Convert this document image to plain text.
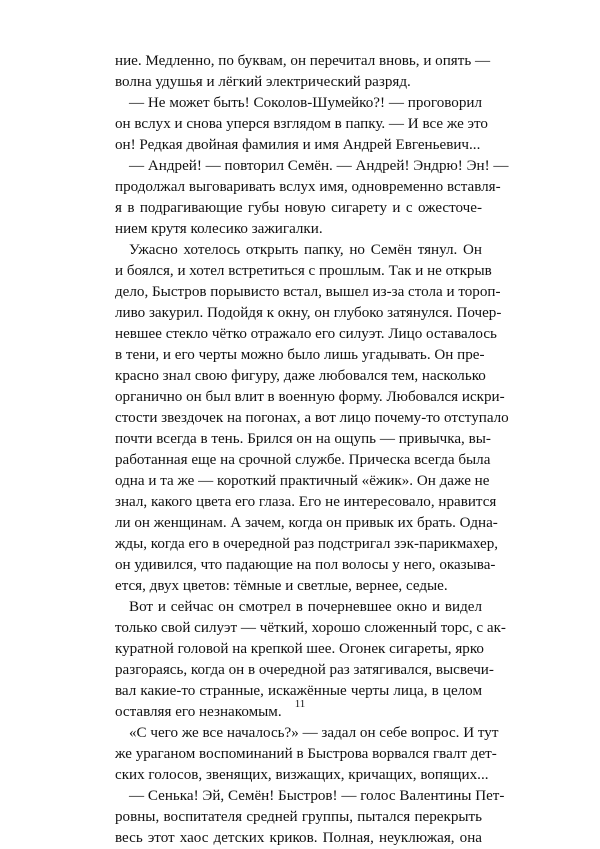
ние. Медленно, по буквам, он перечитал вновь, и опять —
волна удушья и лёгкий электрический разряд.
— Не может быть! Соколов-Шумейко?! — проговорил
он вслух и снова уперся взглядом в папку. — И все же это
он! Редкая двойная фамилия и имя Андрей Евгеньевич...
— Андрей! — повторил Семён. — Андрей! Эндрю! Эн! —
продолжал выговаривать вслух имя, одновременно вставля-
я в подрагивающие губы новую сигарету и с ожесточе-
нием крутя колесико зажигалки.
Ужасно хотелось открыть папку, но Семён тянул. Он
и боялся, и хотел встретиться с прошлым. Так и не открыв
дело, Быстров порывисто встал, вышел из-за стола и тороп-
ливо закурил. Подойдя к окну, он глубоко затянулся. Почер-
невшее стекло чётко отражало его силуэт. Лицо оставалось
в тени, и его черты можно было лишь угадывать. Он пре-
красно знал свою фигуру, даже любовался тем, насколько
органично он был влит в военную форму. Любовался искри-
стости звездочек на погонах, а вот лицо почему-то отступало
почти всегда в тень. Брился он на ощупь — привычка, вы-
работанная еще на срочной службе. Прическа всегда была
одна и та же — короткий практичный «ёжик». Он даже не
знал, какого цвета его глаза. Его не интересовало, нравится
ли он женщинам. А зачем, когда он привык их брать. Одна-
жды, когда его в очередной раз подстригал зэк-парикмахер,
он удивился, что падающие на пол волосы у него, оказыва-
ется, двух цветов: тёмные и светлые, вернее, седые.
Вот и сейчас он смотрел в почерневшее окно и видел
только свой силуэт — чёткий, хорошо сложенный торс, с ак-
куратной головой на крепкой шее. Огонек сигареты, ярко
разгораясь, когда он в очередной раз затягивался, высвечи-
вал какие-то странные, искажённые черты лица, в целом
оставляя его незнакомым.
«С чего же все началось?» — задал он себе вопрос. И тут
же ураганом воспоминаний в Быстрова ворвался гвалт дет-
ских голосов, звенящих, визжащих, кричащих, вопящих...
— Сенька! Эй, Семён! Быстров! — голос Валентины Пет-
ровны, воспитателя средней группы, пытался перекрыть
весь этот хаос детских криков. Полная, неуклюжая, она
11
